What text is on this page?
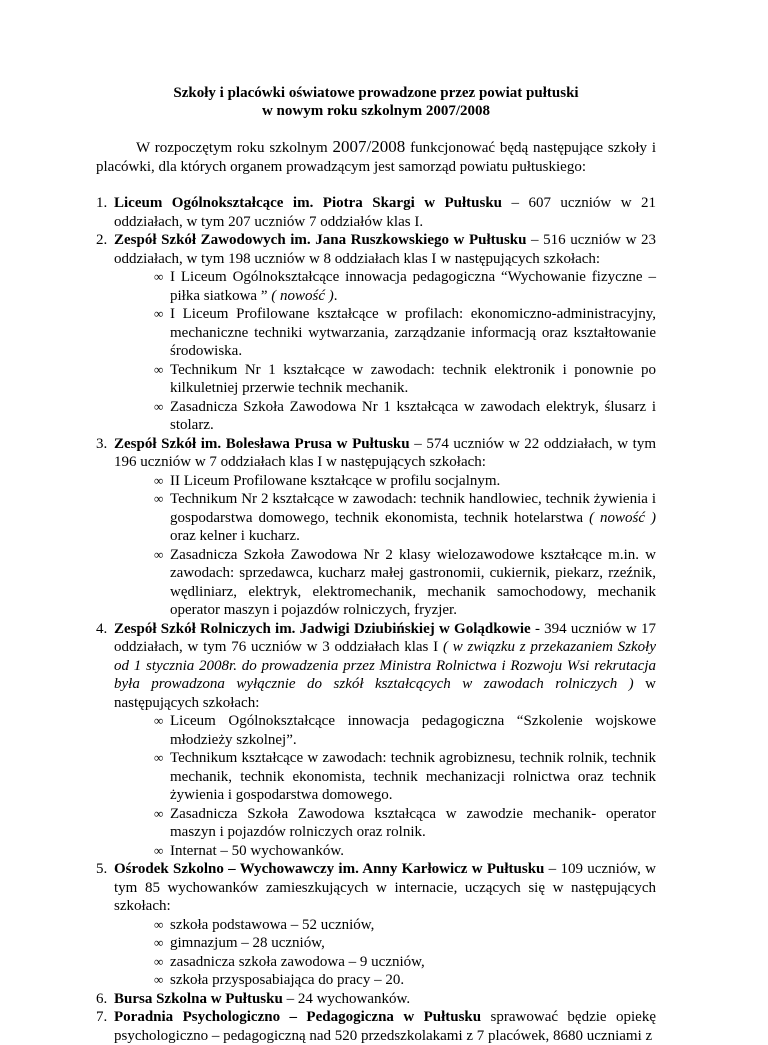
Szkoły i placówki oświatowe prowadzone przez powiat pułtuski
w nowym roku szkolnym 2007/2008

W rozpoczętym roku szkolnym 2007/2008 funkcjonować będą następujące szkoły i placówki, dla których organem prowadzącym jest samorząd powiatu pułtuskiego:

1. Liceum Ogólnokształcące im. Piotra Skargi w Pułtusku – 607 uczniów w 21 oddziałach, w tym 207 uczniów 7 oddziałów klas I.
2. Zespół Szkół Zawodowych im. Jana Ruszkowskiego w Pułtusku – 516 uczniów w 23 oddziałach, w tym 198 uczniów w 8 oddziałach klas I w następujących szkołach:
∞ I Liceum Ogólnokształcące innowacja pedagogiczna “Wychowanie fizyczne – piłka siatkowa ” ( nowość ).
∞ I Liceum Profilowane kształcące w profilach: ekonomiczno-administracyjny, mechaniczne techniki wytwarzania, zarządzanie informacją oraz kształtowanie środowiska.
∞ Technikum Nr 1 kształcące w zawodach: technik elektronik i ponownie po kilkuletniej przerwie technik mechanik.
∞ Zasadnicza Szkoła Zawodowa Nr 1 kształcąca w zawodach elektryk, ślusarz i stolarz.
3. Zespół Szkół im. Bolesława Prusa w Pułtusku – 574 uczniów w 22 oddziałach, w tym 196 uczniów w 7 oddziałach klas I w następujących szkołach:
∞ II Liceum Profilowane kształcące w profilu socjalnym.
∞ Technikum Nr 2 kształcące w zawodach: technik handlowiec, technik żywienia i gospodarstwa domowego, technik ekonomista, technik hotelarstwa ( nowość ) oraz kelner i kucharz.
∞ Zasadnicza Szkoła Zawodowa Nr 2 klasy wielozawodowe kształcące m.in. w zawodach: sprzedawca, kucharz małej gastronomii, cukiernik, piekarz, rzeźnik, wędliniarz, elektryk, elektromechanik, mechanik samochodowy, mechanik operator maszyn i pojazdów rolniczych, fryzjer.
4. Zespół Szkół Rolniczych im. Jadwigi Dziubińskiej w Golądkowie - 394 uczniów w 17 oddziałach, w tym 76 uczniów w 3 oddziałach klas I ( w związku z przekazaniem Szkoły od 1 stycznia 2008r. do prowadzenia przez Ministra Rolnictwa i Rozwoju Wsi rekrutacja była prowadzona wyłącznie do szkół kształcących w zawodach rolniczych ) w następujących szkołach:
∞ Liceum Ogólnokształcące innowacja pedagogiczna “Szkolenie wojskowe młodzieży szkolnej”.
∞ Technikum kształcące w zawodach: technik agrobiznesu, technik rolnik, technik mechanik, technik ekonomista, technik mechanizacji rolnictwa oraz technik żywienia i gospodarstwa domowego.
∞ Zasadnicza Szkoła Zawodowa kształcąca w zawodzie mechanik- operator maszyn i pojazdów rolniczych oraz rolnik.
∞ Internat – 50 wychowanków.
5. Ośrodek Szkolno – Wychowawczy im. Anny Karłowicz w Pułtusku – 109 uczniów, w tym 85 wychowanków zamieszkujących w internacie, uczących się w następujących szkołach:
∞ szkoła podstawowa – 52 uczniów,
∞ gimnazjum – 28 uczniów,
∞ zasadnicza szkoła zawodowa – 9 uczniów,
∞ szkoła przysposabiająca do pracy – 20.
6. Bursa Szkolna w Pułtusku – 24 wychowanków.
7. Poradnia Psychologiczno – Pedagogiczna w Pułtusku sprawować będzie opiekę psychologiczno – pedagogiczną nad 520 przedszkolakami z 7 placówek, 8680 uczniami z
